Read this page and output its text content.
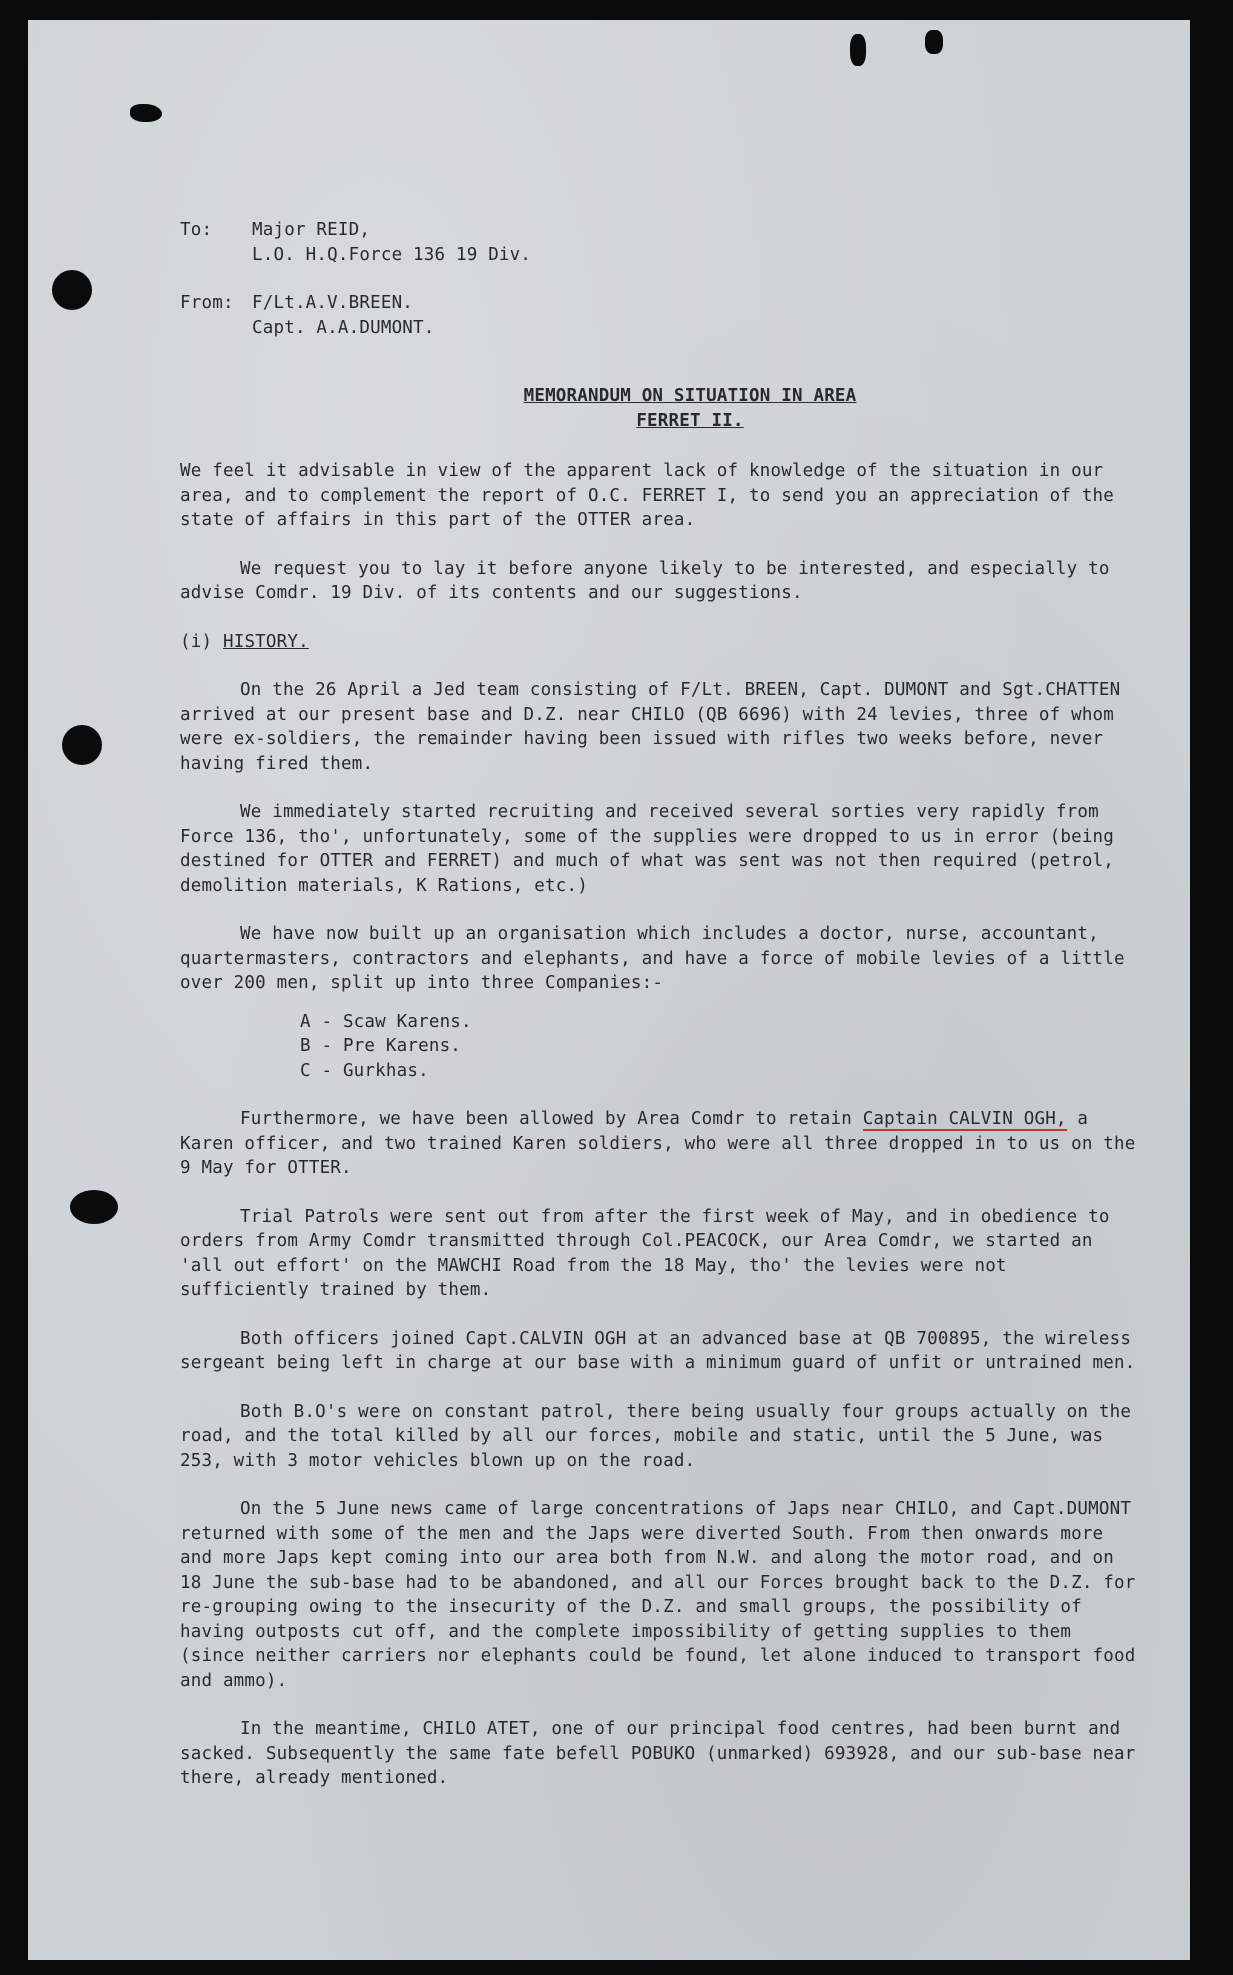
To:	Major REID,
L.O. H.Q.Force 136 19 Div.
From:	F/Lt.A.V.BREEN.
Capt. A.A.DUMONT.
MEMORANDUM ON SITUATION IN AREA
FERRET II.

We feel it advisable in view of the apparent lack of knowledge of the situation in our area, and to complement the report of O.C. FERRET I, to send you an appreciation of the state of affairs in this part of the OTTER area.

We request you to lay it before anyone likely to be interested, and especially to advise Comdr. 19 Div. of its contents and our suggestions.

(i) HISTORY.

On the 26 April a Jed team consisting of F/Lt. BREEN, Capt. DUMONT and Sgt.CHATTEN arrived at our present base and D.Z. near CHILO (QB 6696) with 24 levies, three of whom were ex-soldiers, the remainder having been issued with rifles two weeks before, never having fired them.

We immediately started recruiting and received several sorties very rapidly from Force 136, tho', unfortunately, some of the supplies were dropped to us in error (being destined for OTTER and FERRET) and much of what was sent was not then required (petrol, demolition materials, K Rations, etc.)

We have now built up an organisation which includes a doctor, nurse, accountant, quartermasters, contractors and elephants, and have a force of mobile levies of a little over 200 men, split up into three Companies:-

A - Scaw Karens.
B - Pre Karens.
C - Gurkhas.

Furthermore, we have been allowed by Area Comdr to retain Captain CALVIN OGH, a Karen officer, and two trained Karen soldiers, who were all three dropped in to us on the 9 May for OTTER.

Trial Patrols were sent out from after the first week of May, and in obedience to orders from Army Comdr transmitted through Col.PEACOCK, our Area Comdr, we started an 'all out effort' on the MAWCHI Road from the 18 May, tho' the levies were not sufficiently trained by them.

Both officers joined Capt.CALVIN OGH at an advanced base at QB 700895, the wireless sergeant being left in charge at our base with a minimum guard of unfit or untrained men.

Both B.O's were on constant patrol, there being usually four groups actually on the road, and the total killed by all our forces, mobile and static, until the 5 June, was 253, with 3 motor vehicles blown up on the road.

On the 5 June news came of large concentrations of Japs near CHILO, and Capt.DUMONT returned with some of the men and the Japs were diverted South. From then onwards more and more Japs kept coming into our area both from N.W. and along the motor road, and on 18 June the sub-base had to be abandoned, and all our Forces brought back to the D.Z. for re-grouping owing to the insecurity of the D.Z. and small groups, the possibility of having outposts cut off, and the complete impossibility of getting supplies to them (since neither carriers nor elephants could be found, let alone induced to transport food and ammo).

In the meantime, CHILO ATET, one of our principal food centres, had been burnt and sacked. Subsequently the same fate befell POBUKO (unmarked) 693928, and our sub-base near there, already mentioned.
